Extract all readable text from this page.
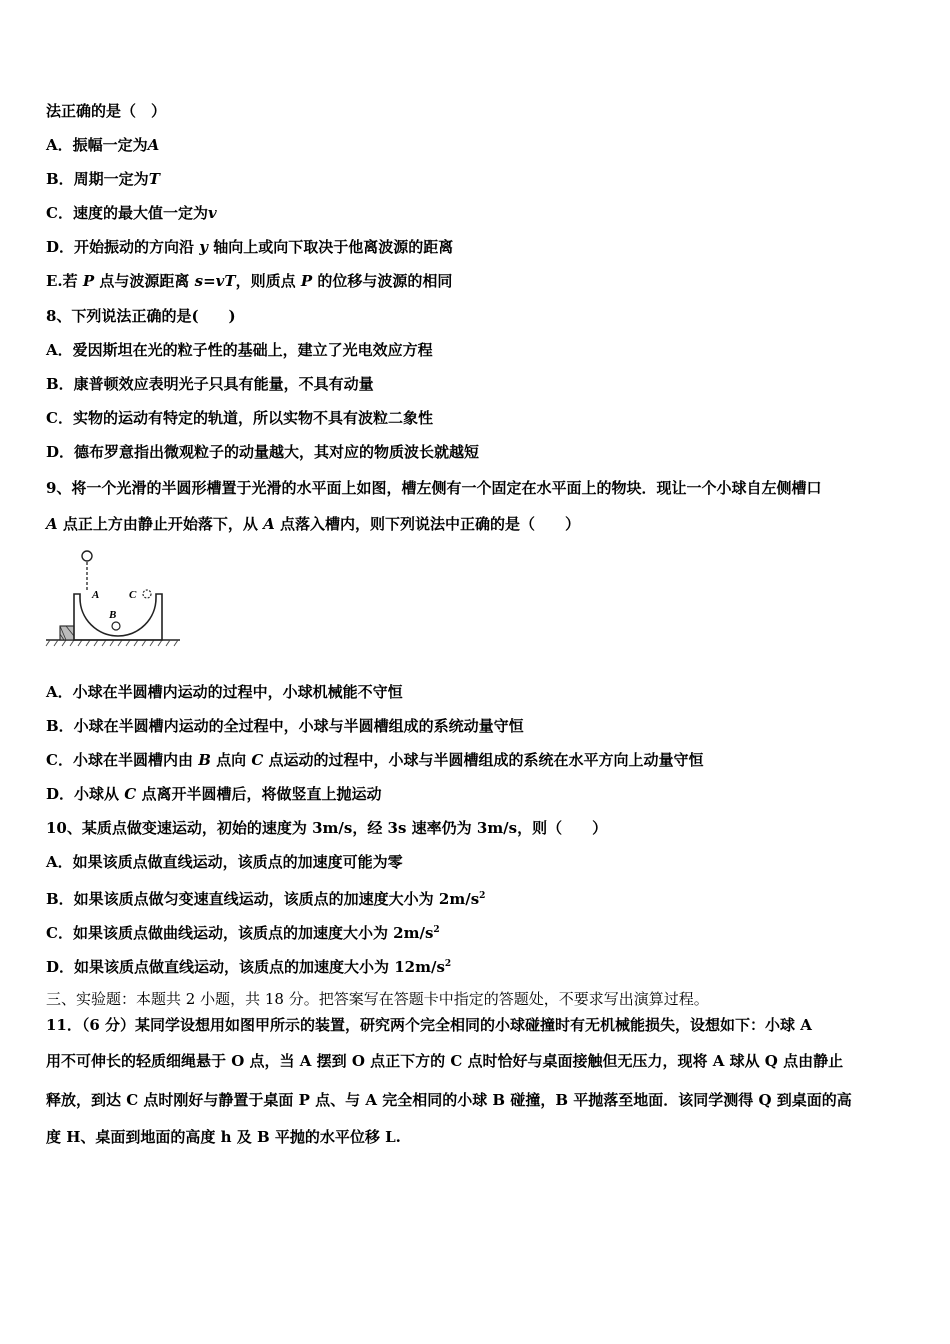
法正确的是（　）
A．振幅一定为A
B．周期一定为T
C．速度的最大值一定为v
D．开始振动的方向沿 y 轴向上或向下取决于他离波源的距离
E.若 P 点与波源距离 s=vT，则质点 P 的位移与波源的相同
8、下列说法正确的是(　　)
A．爱因斯坦在光的粒子性的基础上，建立了光电效应方程
B．康普顿效应表明光子只具有能量，不具有动量
C．实物的运动有特定的轨道，所以实物不具有波粒二象性
D．德布罗意指出微观粒子的动量越大，其对应的物质波长就越短
9、将一个光滑的半圆形槽置于光滑的水平面上如图，槽左侧有一个固定在水平面上的物块．现让一个小球自左侧槽口
A 点正上方由静止开始落下，从 A 点落入槽内，则下列说法中正确的是（　　）
A
B
C
A．小球在半圆槽内运动的过程中，小球机械能不守恒
B．小球在半圆槽内运动的全过程中，小球与半圆槽组成的系统动量守恒
C．小球在半圆槽内由 B 点向 C 点运动的过程中，小球与半圆槽组成的系统在水平方向上动量守恒
D．小球从 C 点离开半圆槽后，将做竖直上抛运动
10、某质点做变速运动，初始的速度为 3m/s，经 3s 速率仍为 3m/s，则（　　）
A．如果该质点做直线运动，该质点的加速度可能为零
B．如果该质点做匀变速直线运动，该质点的加速度大小为 $2m/s^2$
C．如果该质点做曲线运动，该质点的加速度大小为 $2m/s^2$
D．如果该质点做直线运动，该质点的加速度大小为 $12m/s^2$
三、实验题：本题共 2 小题，共 18 分。把答案写在答题卡中指定的答题处，不要求写出演算过程。
11．（6 分）某同学设想用如图甲所示的装置，研究两个完全相同的小球碰撞时有无机械能损失，设想如下：小球 A
用不可伸长的轻质细绳悬于 O 点，当 A 摆到 O 点正下方的 C 点时恰好与桌面接触但无压力，现将 A 球从 Q 点由静止
释放，到达 C 点时刚好与静置于桌面 P 点、与 A 完全相同的小球 B 碰撞，B 平抛落至地面．该同学测得 Q 到桌面的高
度 H、桌面到地面的高度 h 及 B 平抛的水平位移 L.
